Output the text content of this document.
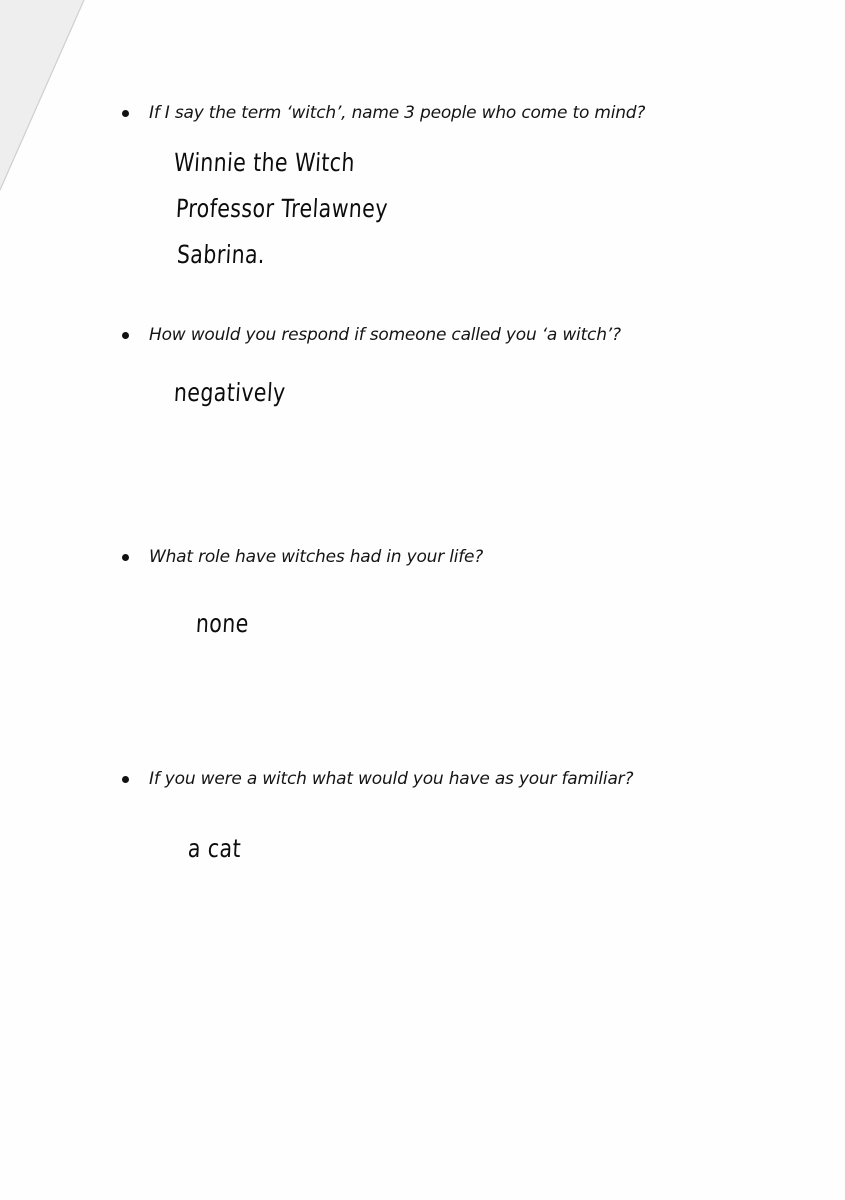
If I say the term ‘witch’, name 3 people who come to mind?
Winnie the Witch
Professor Trelawney
Sabrina.
How would you respond if someone called you ‘a witch’?
negatively
What role have witches had in your life?
none
If you were a witch what would you have as your familiar?
a cat
